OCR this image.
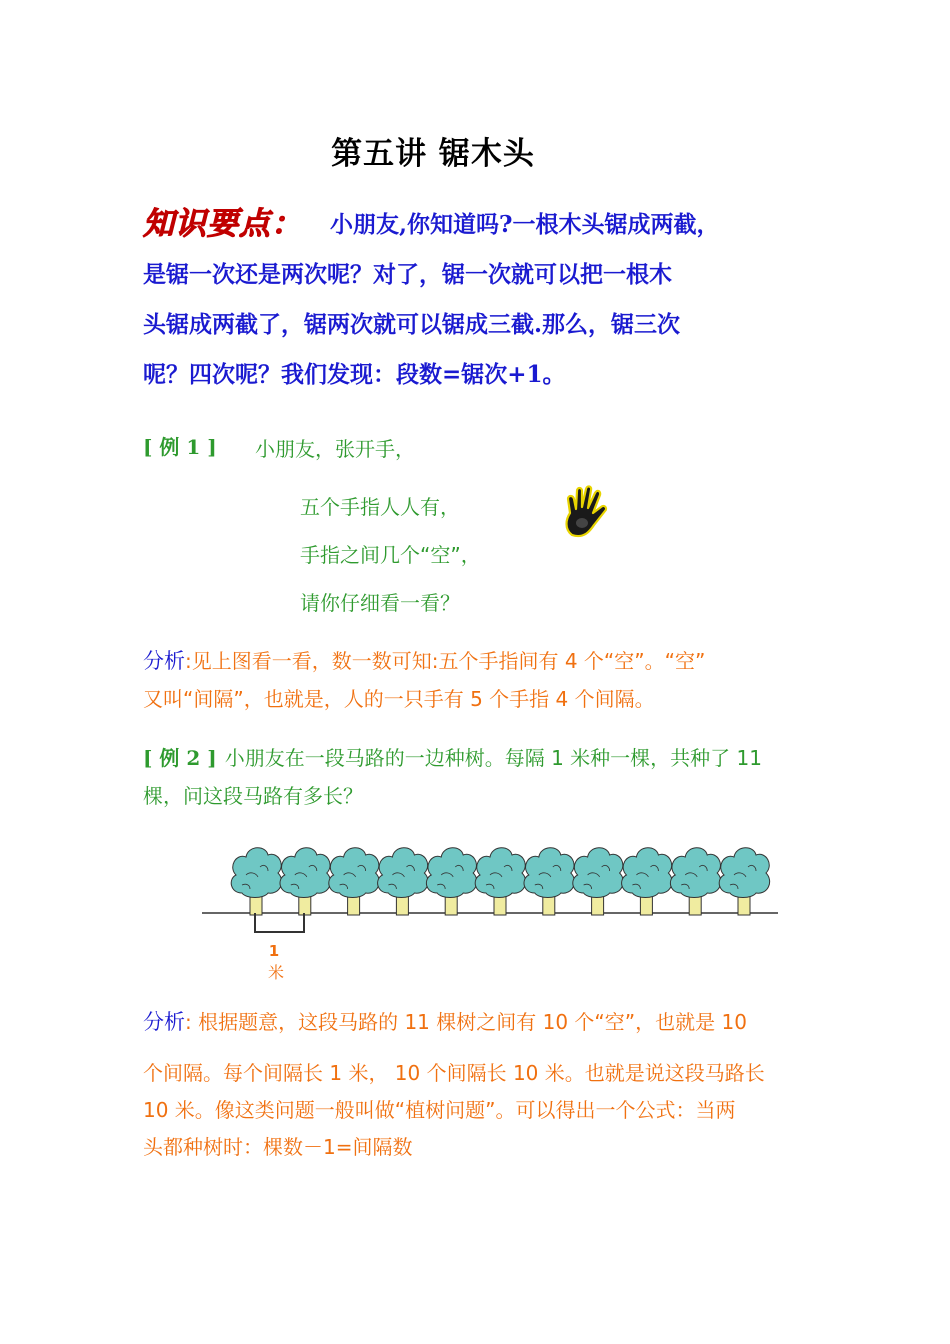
第五讲 锯木头
知识要点： 小朋友,你知道吗?一根木头锯成两截，
是锯一次还是两次呢？对了，锯一次就可以把一根木
头锯成两截了，锯两次就可以锯成三截.那么，锯三次
呢？四次呢？我们发现：段数=锯次+1。
[ 例 1 ] 小朋友，张开手，
五个手指人人有，
手指之间几个“空”，
请你仔细看一看？
分析:见上图看一看，数一数可知:五个手指间有 4 个“空”。“空”
又叫“间隔”，也就是，人的一只手有 5 个手指 4 个间隔。
[ 例 2 ] 小朋友在一段马路的一边种树。每隔 1 米种一棵，共种了 11
棵，问这段马路有多长？
1
米
分析: 根据题意，这段马路的 11 棵树之间有 10 个“空”，也就是 10
个间隔。每个间隔长 1 米， 10 个间隔长 10 米。也就是说这段马路长
10 米。像这类问题一般叫做“植树问题”。可以得出一个公式：当两
头都种树时：棵数－1=间隔数
